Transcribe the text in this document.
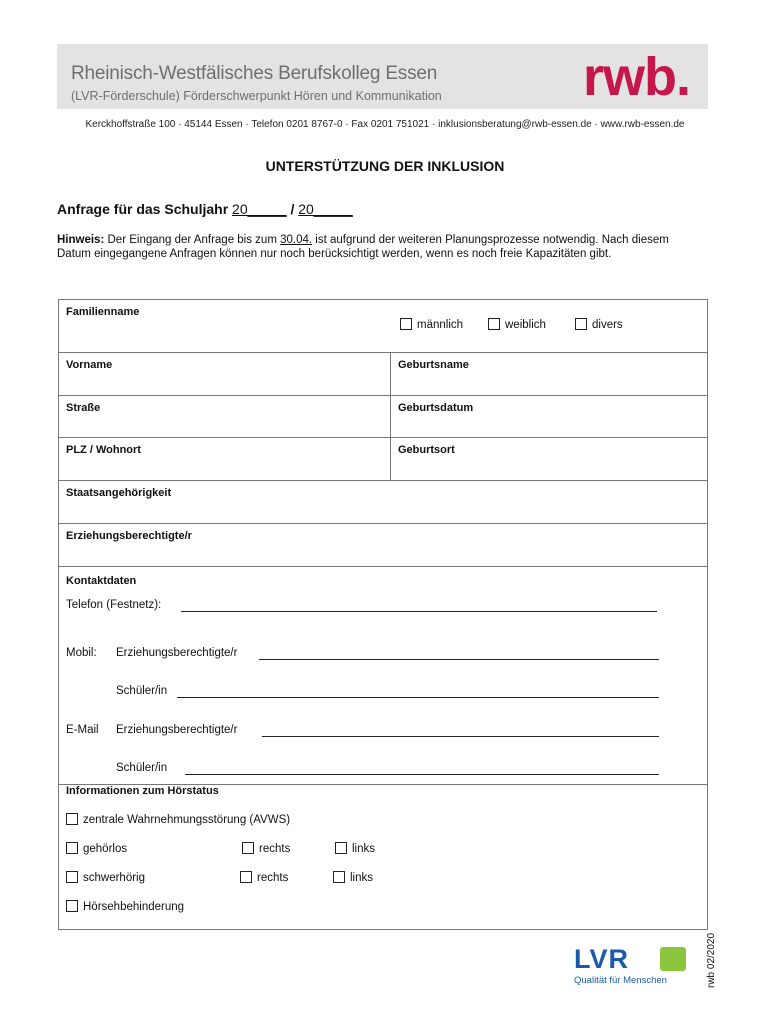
Rheinisch-Westfälisches Berufskolleg Essen
(LVR-Förderschule) Förderschwerpunkt Hören und Kommunikation	rwb.
Kerckhoffstraße 100 · 45144 Essen · Telefon 0201 8767-0 · Fax 0201 751021 · inklusionsberatung@rwb-essen.de · www.rwb-essen.de
UNTERSTÜTZUNG DER INKLUSION
Anfrage für das Schuljahr 20_____ / 20_____
Hinweis: Der Eingang der Anfrage bis zum 30.04. ist aufgrund der weiteren Planungsprozesse notwendig. Nach diesem Datum eingegangene Anfragen können nur noch berücksichtigt werden, wenn es noch freie Kapazitäten gibt.
Familienname
männlich	weiblich	divers
Vorname	Geburtsname
Straße	Geburtsdatum
PLZ / Wohnort	Geburtsort
Staatsangehörigkeit
Erziehungsberechtigte/r
Kontaktdaten
Telefon (Festnetz):
Mobil: Erziehungsberechtigte/r
Schüler/in
E-Mail Erziehungsberechtigte/r
Schüler/in
Informationen zum Hörstatus
zentrale Wahrnehmungsstörung (AVWS)
gehörlos	rechts	links
schwerhörig	rechts	links
Hörsehbehinderung
LVR
Qualität für Menschen	rwb 02/2020
